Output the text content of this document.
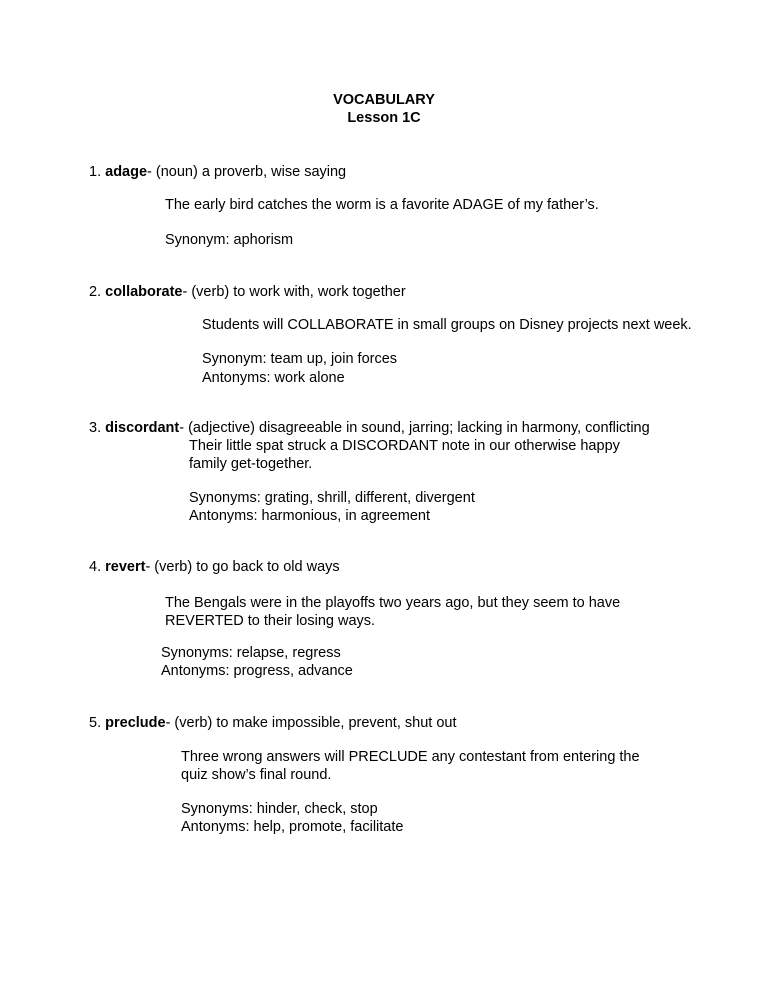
VOCABULARY
Lesson 1C
1. adage- (noun) a proverb, wise saying
The early bird catches the worm is a favorite ADAGE of my father’s.
Synonym: aphorism
2. collaborate- (verb) to work with, work together
Students will COLLABORATE in small groups on Disney projects next week.
Synonym: team up, join forces
Antonyms: work alone
3. discordant- (adjective) disagreeable in sound, jarring; lacking in harmony, conflicting
Their little spat struck a DISCORDANT note in our otherwise happy
family get-together.
Synonyms: grating, shrill, different, divergent
Antonyms: harmonious, in agreement
4. revert- (verb) to go back to old ways
The Bengals were in the playoffs two years ago, but they seem to have
REVERTED to their losing ways.
Synonyms: relapse, regress
Antonyms: progress, advance
5. preclude- (verb) to make impossible, prevent, shut out
Three wrong answers will PRECLUDE any contestant from entering the
quiz show’s final round.
Synonyms: hinder, check, stop
Antonyms: help, promote, facilitate
